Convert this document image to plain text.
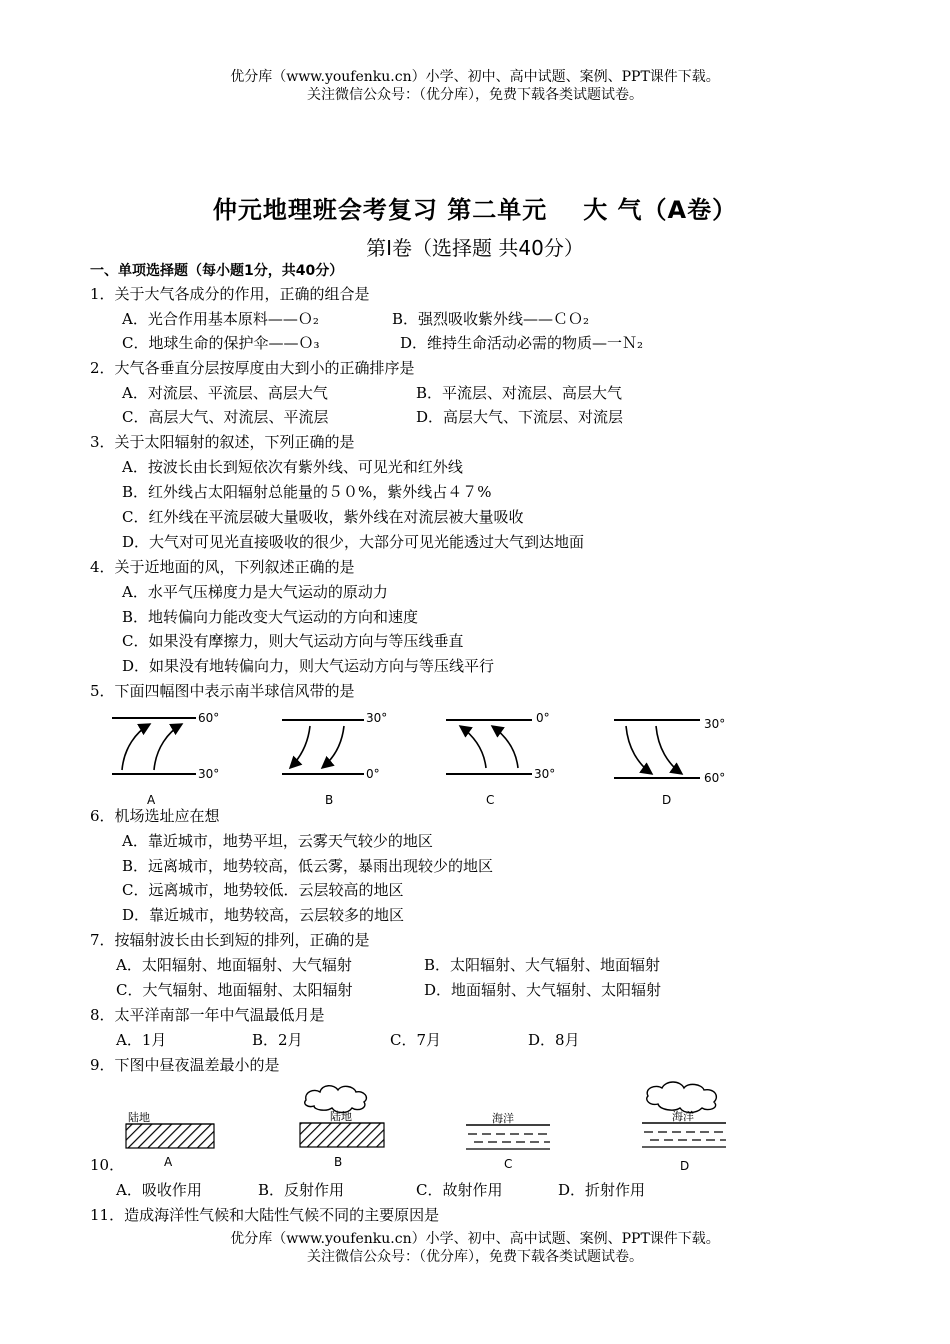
优分库（www.youfenku.cn）小学、初中、高中试题、案例、PPT课件下载。
关注微信公众号：（优分库），免费下载各类试题试卷。
仲元地理班会考复习 第二单元 大 气（A卷）
第Ⅰ卷（选择题 共40分）
一、单项选择题（每小题1分，共40分）
1．关于大气各成分的作用，正确的组合是
A．光合作用基本原料——Ｏ₂	B．强烈吸收紫外线——ＣＯ₂
C．地球生命的保护伞——Ｏ₃	D．维持生命活动必需的物质—一Ｎ₂
2．大气各垂直分层按厚度由大到小的正确排序是
A．对流层、平流层、高层大气	B．平流层、对流层、高层大气
C．高层大气、对流层、平流层	D．高层大气、下流层、对流层
3．关于太阳辐射的叙述，下列正确的是
A．按波长由长到短依次有紫外线、可见光和红外线
B．红外线占太阳辐射总能量的５０%，紫外线占４７%
C．红外线在平流层破大量吸收，紫外线在对流层被大量吸收
D．大气对可见光直接吸收的很少，大部分可见光能透过大气到达地面
4．关于近地面的风，下列叙述正确的是
A．水平气压梯度力是大气运动的原动力
B．地转偏向力能改变大气运动的方向和速度
C．如果没有摩擦力，则大气运动方向与等压线垂直
D．如果没有地转偏向力，则大气运动方向与等压线平行
5．下面四幅图中表示南半球信风带的是
60°
30°
A
30°
0°
B
0°
30°
C
30°
60°
D
6．机场选址应在想
A．靠近城市，地势平坦，云雾天气较少的地区
B．远离城市，地势较高，低云雾，暴雨出现较少的地区
C．远离城市，地势较低．云层较高的地区
D．靠近城市，地势较高，云层较多的地区
7．按辐射波长由长到短的排列，正确的是
A．太阳辐射、地面辐射、大气辐射	B．太阳辐射、大气辐射、地面辐射
C．大气辐射、地面辐射、太阳辐射	D．地面辐射、大气辐射、太阳辐射
8．太平洋南部一年中气温最低月是
A．1月	B．2月	C．7月	D．8月
9．下图中昼夜温差最小的是
陆地
A
陆地
B
海洋
C
海洋
D
10．
A．吸收作用	B．反射作用	C．故射作用	D．折射作用
11．造成海洋性气候和大陆性气候不同的主要原因是
优分库（www.youfenku.cn）小学、初中、高中试题、案例、PPT课件下载。
关注微信公众号：（优分库），免费下载各类试题试卷。
